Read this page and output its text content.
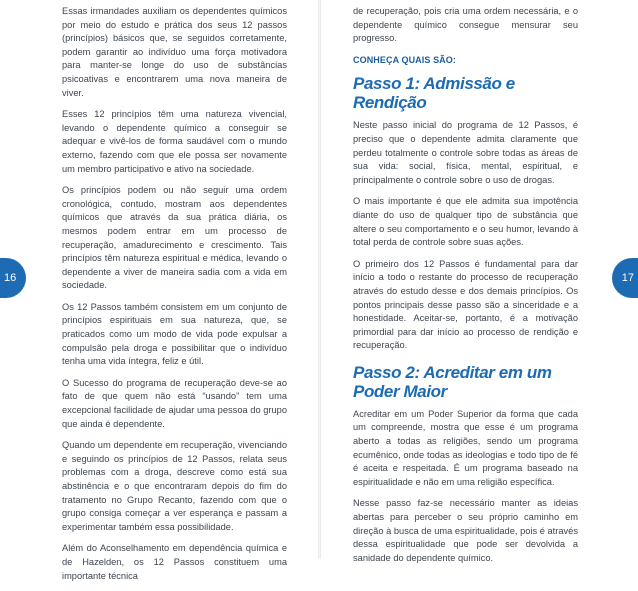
Essas irmandades auxiliam os dependentes químicos por meio do estudo e prática dos seus 12 passos (princípios) básicos que, se seguidos corretamente, podem garantir ao indivíduo uma força motivadora para manter-se longe do uso de substâncias psicoativas e encontrarem uma nova maneira de viver.

Esses 12 princípios têm uma natureza vivencial, levando o dependente químico a conseguir se adequar e vivê-los de forma saudável com o mundo externo, fazendo com que ele possa ser novamente um membro participativo e ativo na sociedade.

Os princípios podem ou não seguir uma ordem cronológica, contudo, mostram aos dependentes químicos que através da sua prática diária, os mesmos podem entrar em um processo de recuperação, amadurecimento e crescimento. Tais princípios têm natureza espiritual e médica, levando o dependente a viver de maneira sadia com a vida em sociedade.

Os 12 Passos também consistem em um conjunto de princípios espirituais em sua natureza, que, se praticados como um modo de vida pode expulsar a compulsão pela droga e possibilitar que o indivíduo tenha uma vida íntegra, feliz e útil.

O Sucesso do programa de recuperação deve-se ao fato de que quem não está “usando” tem uma excepcional facilidade de ajudar uma pessoa do grupo que ainda é dependente.

Quando um dependente em recuperação, vivenciando e seguindo os princípios de 12 Passos, relata seus problemas com a droga, descreve como está sua abstinência e o que encontraram depois do fim do tratamento no Grupo Recanto, fazendo com que o grupo consiga começar a ver esperança e passam a experimentar também essa possibilidade.

Além do Aconselhamento em dependência química e de Hazelden, os 12 Passos constituem uma importante técnica

de recuperação, pois cria uma ordem necessária, e o dependente químico consegue mensurar seu progresso.

CONHEÇA QUAIS SÃO:
Passo 1: Admissão e Rendição

Neste passo inicial do programa de 12 Passos, é preciso que o dependente admita claramente que perdeu totalmente o controle sobre todas as áreas de sua vida: social, física, mental, espiritual, e principalmente o controle sobre o uso de drogas.

O mais importante é que ele admita sua impotência diante do uso de qualquer tipo de substância que altere o seu comportamento e o seu humor, levando à total perda de controle sobre suas ações.

O primeiro dos 12 Passos é fundamental para dar início a todo o restante do processo de recuperação através do estudo desse e dos demais princípios. Os pontos principais desse passo são a sinceridade e a honestidade. Aceitar-se, portanto, é a motivação primordial para dar início ao processo de rendição e recuperação.

Passo 2: Acreditar em um Poder Maior

Acreditar em um Poder Superior da forma que cada um compreende, mostra que esse é um programa aberto a todas as religiões, sendo um programa ecumênico, onde todas as ideologias e todo tipo de fé é aceita e respeitada. É um programa baseado na espiritualidade e não em uma religião específica.

Nesse passo faz-se necessário manter as ideias abertas para perceber o seu próprio caminho em direção à busca de uma espiritualidade, pois é através dessa espiritualidade que pode ser devolvida a sanidade do dependente químico.

16	17
